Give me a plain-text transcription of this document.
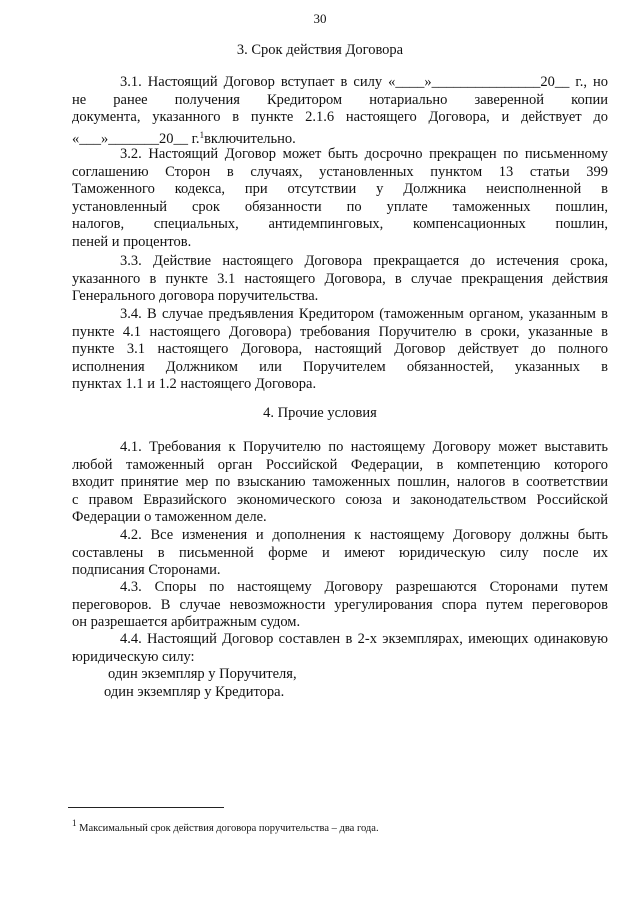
30
3. Срок действия Договора
3.1. Настоящий Договор вступает в силу «____»_______________20__ г., но
не ранее получения Кредитором нотариально заверенной копии
документа, указанного в пункте 2.1.6 настоящего Договора, и действует до
«___»_______20__ г.$^1$включительно.
3.2. Настоящий Договор может быть досрочно прекращен по письменному
соглашению Сторон в случаях, установленных пунктом 13 статьи 399
Таможенного кодекса, при отсутствии у Должника неисполненной в
установленный срок обязанности по уплате таможенных пошлин,
налогов, специальных, антидемпинговых, компенсационных пошлин,
пеней и процентов.
3.3. Действие настоящего Договора прекращается до истечения срока,
указанного в пункте 3.1 настоящего Договора, в случае прекращения действия
Генерального договора поручительства.
3.4. В случае предъявления Кредитором (таможенным органом, указанным в
пункте 4.1 настоящего Договора) требования Поручителю в сроки, указанные в
пункте 3.1 настоящего Договора, настоящий Договор действует до полного
исполнения Должником или Поручителем обязанностей, указанных в
пунктах 1.1 и 1.2 настоящего Договора.
4. Прочие условия
4.1. Требования к Поручителю по настоящему Договору может выставить
любой таможенный орган Российской Федерации, в компетенцию которого
входит принятие мер по взысканию таможенных пошлин, налогов в соответствии
с правом Евразийского экономического союза и законодательством Российской
Федерации о таможенном деле.
4.2. Все изменения и дополнения к настоящему Договору должны быть
составлены в письменной форме и имеют юридическую силу после их
подписания Сторонами.
4.3. Споры по настоящему Договору разрешаются Сторонами путем
переговоров. В случае невозможности урегулирования спора путем переговоров
он разрешается арбитражным судом.
4.4. Настоящий Договор составлен в 2-х экземплярах, имеющих одинаковую
юридическую силу:
один экземпляр у Поручителя,
один экземпляр у Кредитора.
$^1$ Максимальный срок действия договора поручительства – два года.
